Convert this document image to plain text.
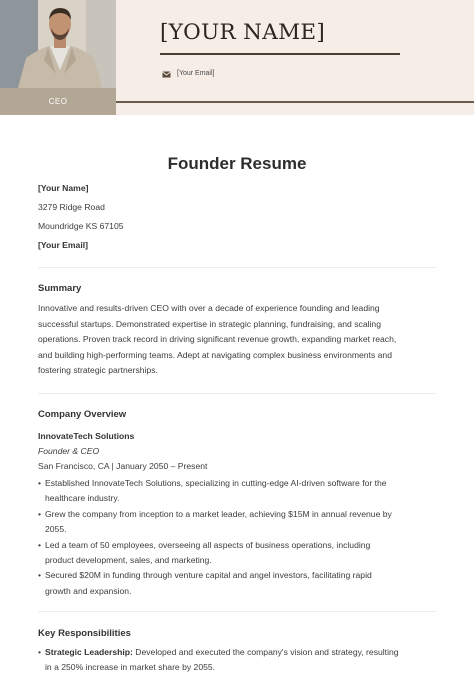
CEO
[YOUR NAME]
[Your Email]
Founder Resume
[Your Name]
3279 Ridge Road
Moundridge KS 67105
[Your Email]
Summary
Innovative and results-driven CEO with over a decade of experience founding and leading
successful startups. Demonstrated expertise in strategic planning, fundraising, and scaling
operations. Proven track record in driving significant revenue growth, expanding market reach,
and building high-performing teams. Adept at navigating complex business environments and
fostering strategic partnerships.
Company Overview
InnovateTech Solutions
Founder & CEO
San Francisco, CA | January 2050 – Present
• Established InnovateTech Solutions, specializing in cutting-edge AI-driven software for the
healthcare industry.
• Grew the company from inception to a market leader, achieving $15M in annual revenue by
2055.
• Led a team of 50 employees, overseeing all aspects of business operations, including
product development, sales, and marketing.
• Secured $20M in funding through venture capital and angel investors, facilitating rapid
growth and expansion.
Key Responsibilities
• Strategic Leadership: Developed and executed the company's vision and strategy, resulting
in a 250% increase in market share by 2055.
